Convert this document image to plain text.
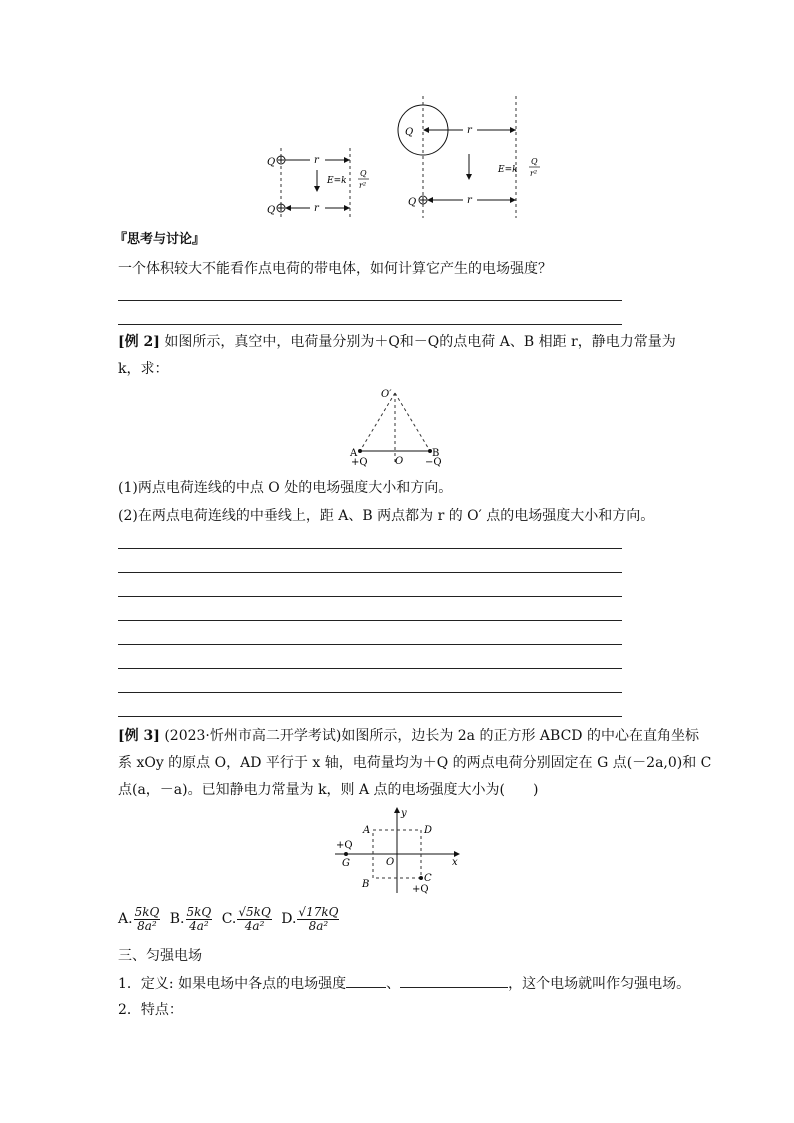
Q
Q
r
r
E=k
Q
r²
Q
Q
r
r
E=k
Q
r²
『思考与讨论』
一个体积较大不能看作点电荷的带电体，如何计算它产生的电场强度？
[例 2] 如图所示，真空中，电荷量分别为＋Q和－Q的点电荷 A、B 相距 r，静电力常量为
k，求：
O′
A	B
+Q	O −Q
(1)两点电荷连线的中点 O 处的电场强度大小和方向。
(2)在两点电荷连线的中垂线上，距 A、B 两点都为 r 的 O′ 点的电场强度大小和方向。
[例 3] (2023·忻州市高二开学考试)如图所示，边长为 2a 的正方形 ABCD 的中心在直角坐标
系 xOy 的原点 O，AD 平行于 x 轴，电荷量均为＋Q 的两点电荷分别固定在 G 点(－2a,0)和 C
点(a，－a)。已知静电力常量为 k，则 A 点的电场强度大小为(　　)
y
x
A	D
B
C
O
+Q
G
+Q
A. $\frac{5kQ}{\text{8a²}} B$. $\frac{5kQ}{\text{4a²}} C$. $\frac{√5kQ}{\text{4a²}} D$. $\frac{√17kQ}{\text{8a²}}$
三、匀强电场
1．定义: 如果电场中各点的电场强度	、	，这个电场就叫作匀强电场。
2．特点：
